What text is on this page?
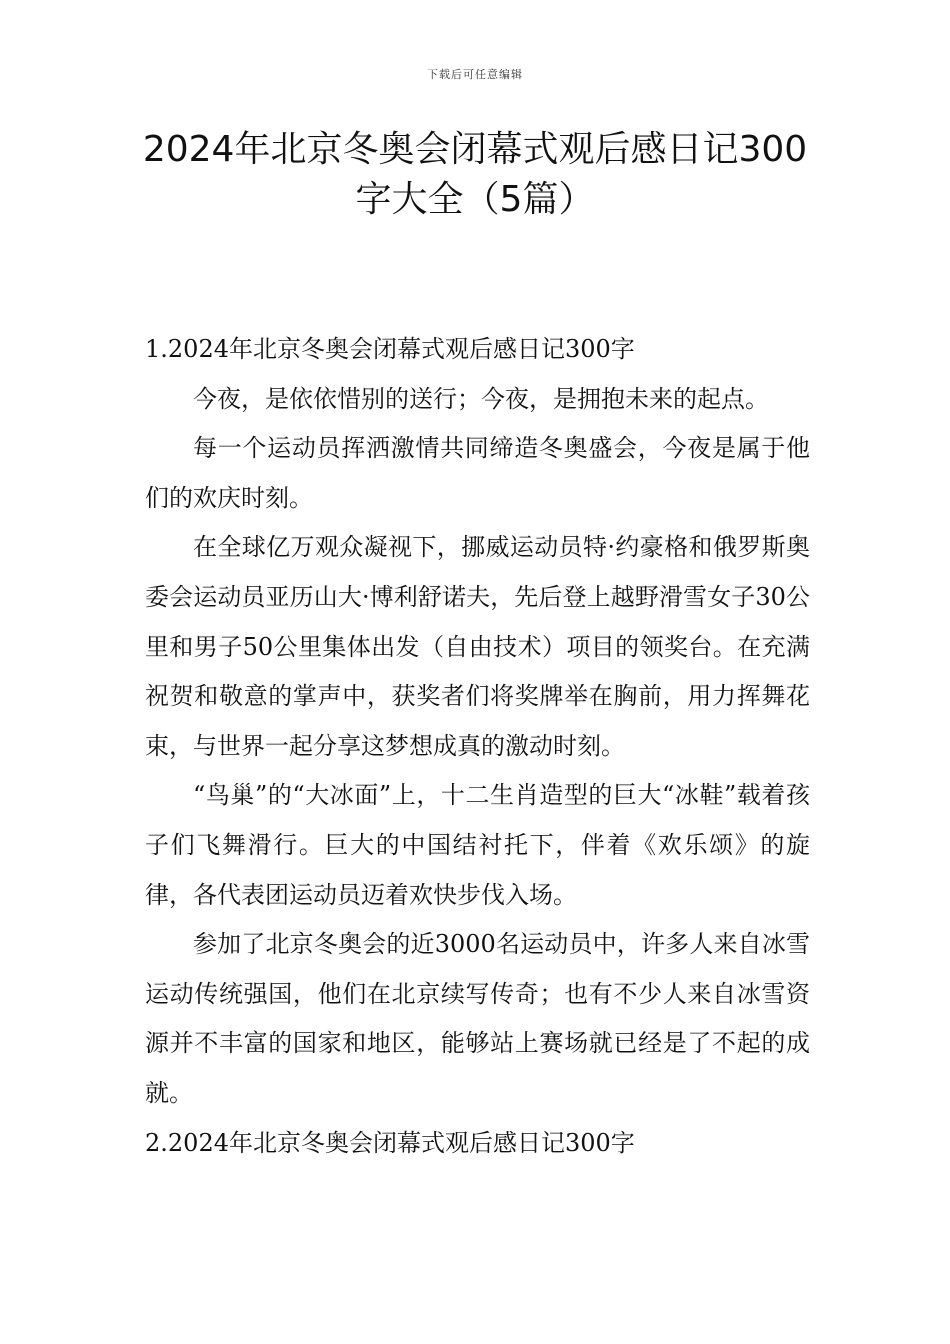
下载后可任意编辑
2024年北京冬奥会闭幕式观后感日记300
字大全（5篇）

1.2024年北京冬奥会闭幕式观后感日记300字

今夜，是依依惜别的送行；今夜，是拥抱未来的起点。

每一个运动员挥洒激情共同缔造冬奥盛会，今夜是属于他们的欢庆时刻。

在全球亿万观众凝视下，挪威运动员特·约豪格和俄罗斯奥委会运动员亚历山大·博利舒诺夫，先后登上越野滑雪女子30公里和男子50公里集体出发（自由技术）项目的领奖台。在充满祝贺和敬意的掌声中，获奖者们将奖牌举在胸前，用力挥舞花束，与世界一起分享这梦想成真的激动时刻。

“鸟巢”的“大冰面”上，十二生肖造型的巨大“冰鞋”载着孩子们飞舞滑行。巨大的中国结衬托下，伴着《欢乐颂》的旋律，各代表团运动员迈着欢快步伐入场。

参加了北京冬奥会的近3000名运动员中，许多人来自冰雪运动传统强国，他们在北京续写传奇；也有不少人来自冰雪资源并不丰富的国家和地区，能够站上赛场就已经是了不起的成就。

2.2024年北京冬奥会闭幕式观后感日记300字
